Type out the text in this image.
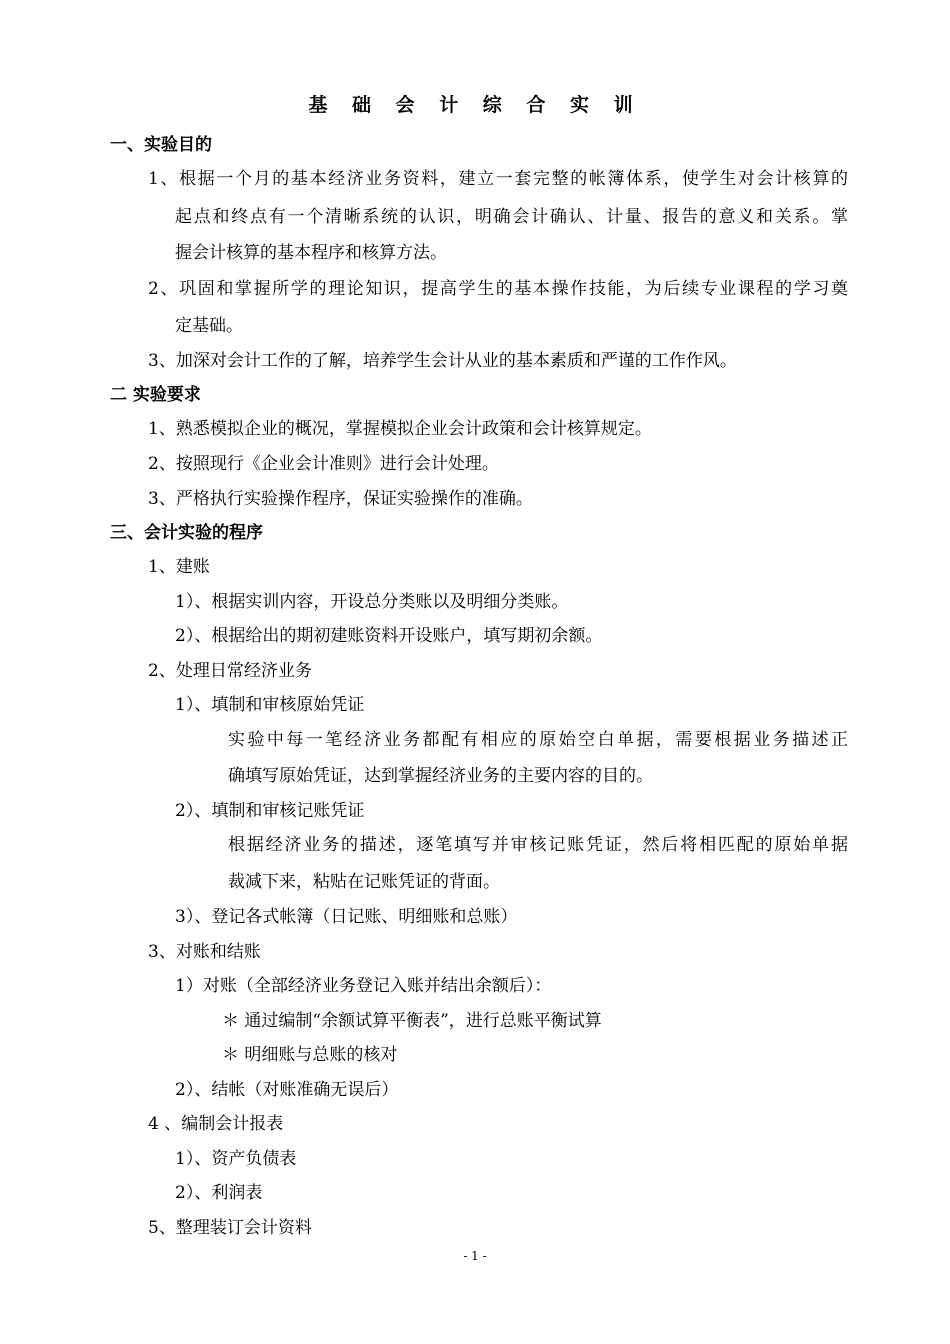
基 础 会 计 综 合 实 训
一、实验目的
1、根据一个月的基本经济业务资料，建立一套完整的帐簿体系，使学生对会计核算的
起点和终点有一个清晰系统的认识，明确会计确认、计量、报告的意义和关系。掌
握会计核算的基本程序和核算方法。
2、巩固和掌握所学的理论知识，提高学生的基本操作技能，为后续专业课程的学习奠
定基础。
3、加深对会计工作的了解，培养学生会计从业的基本素质和严谨的工作作风。
二 实验要求
1、熟悉模拟企业的概况，掌握模拟企业会计政策和会计核算规定。
2、按照现行《企业会计准则》进行会计处理。
3、严格执行实验操作程序，保证实验操作的准确。
三、会计实验的程序
1、建账
1）、根据实训内容，开设总分类账以及明细分类账。
2）、根据给出的期初建账资料开设账户，填写期初余额。
2、处理日常经济业务
1）、填制和审核原始凭证
实验中每一笔经济业务都配有相应的原始空白单据，需要根据业务描述正
确填写原始凭证，达到掌握经济业务的主要内容的目的。
2）、填制和审核记账凭证
根据经济业务的描述，逐笔填写并审核记账凭证，然后将相匹配的原始单据
裁减下来，粘贴在记账凭证的背面。
3）、登记各式帐簿（日记账、明细账和总账）
3、对账和结账
1）对账（全部经济业务登记入账并结出余额后）：
＊ 通过编制“余额试算平衡表”，进行总账平衡试算
＊ 明细账与总账的核对
2）、结帐（对账准确无误后）
4 、编制会计报表
1）、资产负债表
2）、利润表
5、整理装订会计资料
- 1 -
